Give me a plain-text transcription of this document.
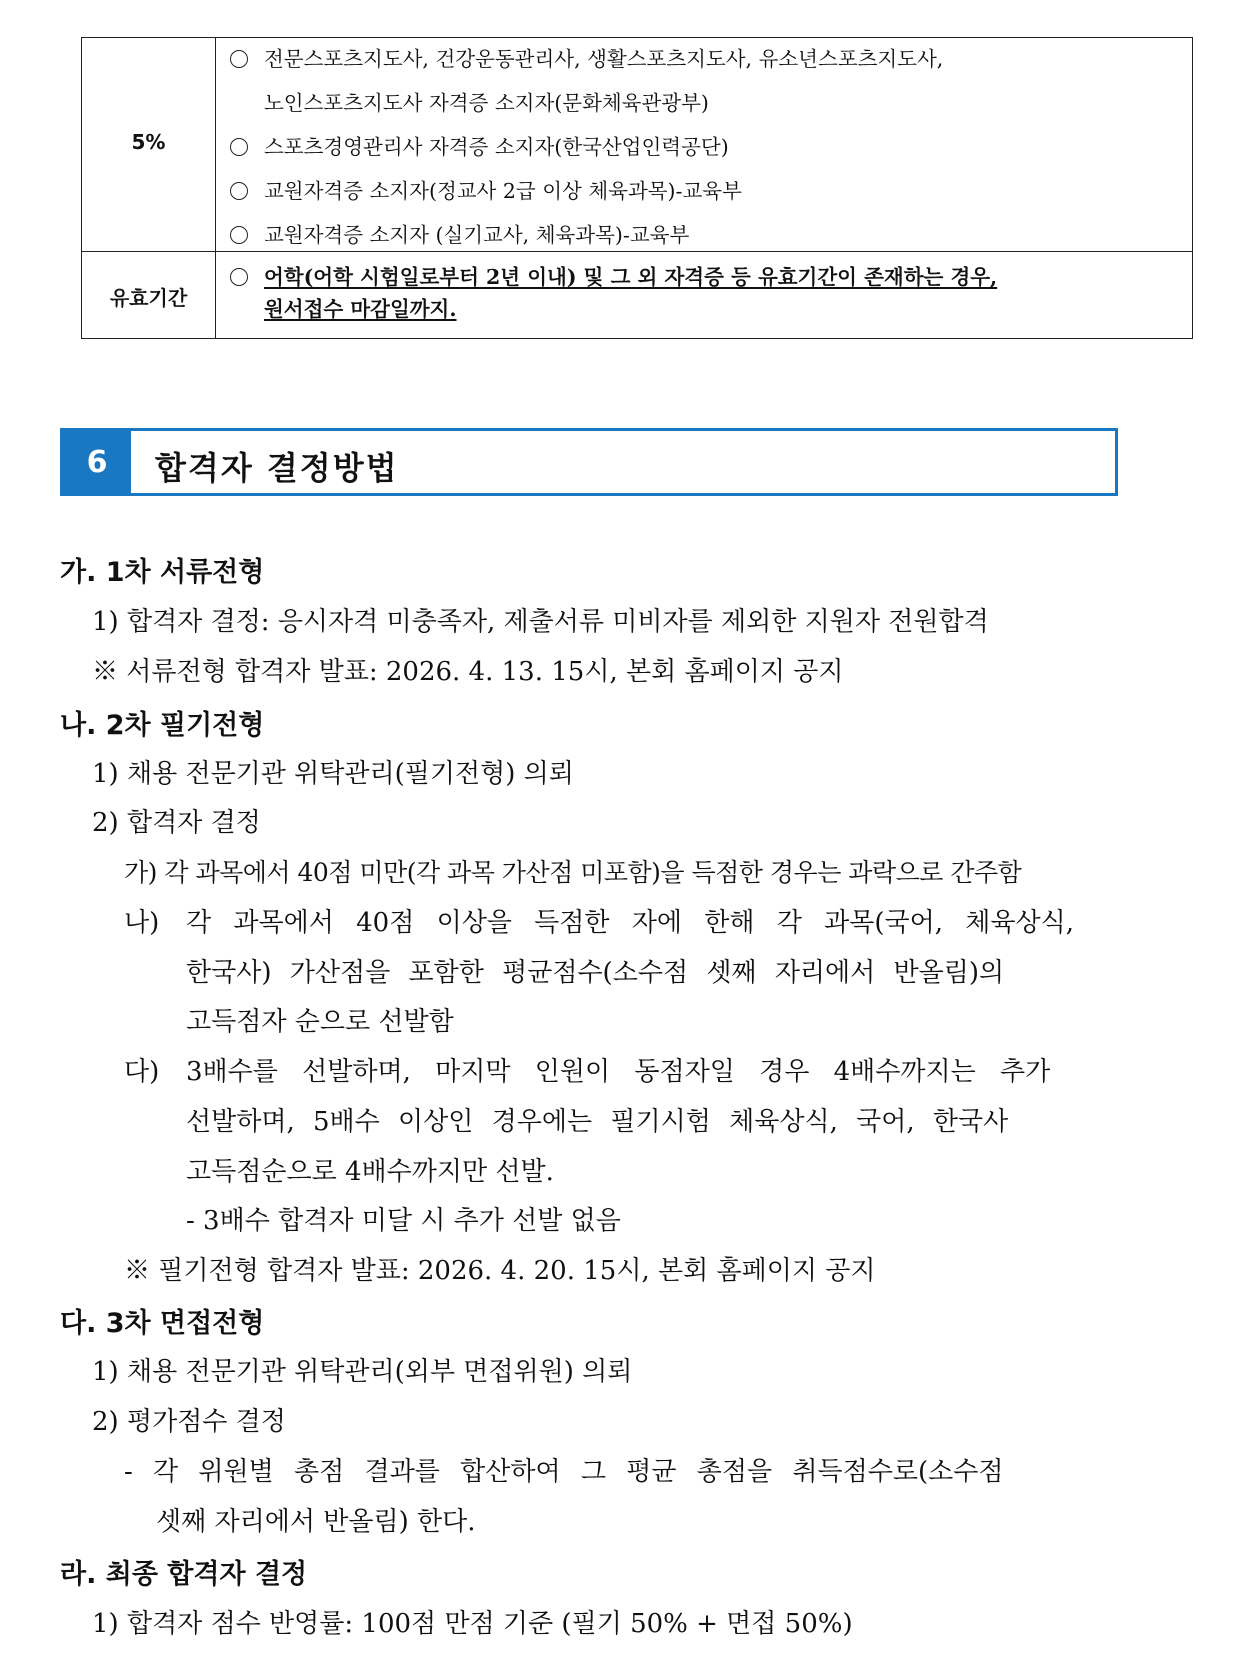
5%
유효기간
전문스포츠지도사, 건강운동관리사, 생활스포츠지도사, 유소년스포츠지도사,
노인스포츠지도사 자격증 소지자(문화체육관광부)
스포츠경영관리사 자격증 소지자(한국산업인력공단)
교원자격증 소지자(정교사 2급 이상 체육과목)-교육부
교원자격증 소지자 (실기교사, 체육과목)-교육부
어학(어학 시험일로부터 2년 이내) 및 그 외 자격증 등 유효기간이 존재하는 경우,
원서접수 마감일까지.
6	합격자 결정방법
가. 1차 서류전형
1) 합격자 결정: 응시자격 미충족자, 제출서류 미비자를 제외한 지원자 전원합격
※ 서류전형 합격자 발표: 2026. 4. 13. 15시, 본회 홈페이지 공지
나. 2차 필기전형
1) 채용 전문기관 위탁관리(필기전형) 의뢰
2) 합격자 결정
가) 각 과목에서 40점 미만(각 과목 가산점 미포함)을 득점한 경우는 과락으로 간주함
나) 각 과목에서 40점 이상을 득점한 자에 한해 각 과목(국어, 체육상식,
한국사) 가산점을 포함한 평균점수(소수점 셋째 자리에서 반올림)의
고득점자 순으로 선발함
다) 3배수를 선발하며, 마지막 인원이 동점자일 경우 4배수까지는 추가
선발하며, 5배수 이상인 경우에는 필기시험 체육상식, 국어, 한국사
고득점순으로 4배수까지만 선발.
- 3배수 합격자 미달 시 추가 선발 없음
※ 필기전형 합격자 발표: 2026. 4. 20. 15시, 본회 홈페이지 공지
다. 3차 면접전형
1) 채용 전문기관 위탁관리(외부 면접위원) 의뢰
2) 평가점수 결정
- 각 위원별 총점 결과를 합산하여 그 평균 총점을 취득점수로(소수점
셋째 자리에서 반올림) 한다.
라. 최종 합격자 결정
1) 합격자 점수 반영률: 100점 만점 기준 (필기 50% + 면접 50%)
